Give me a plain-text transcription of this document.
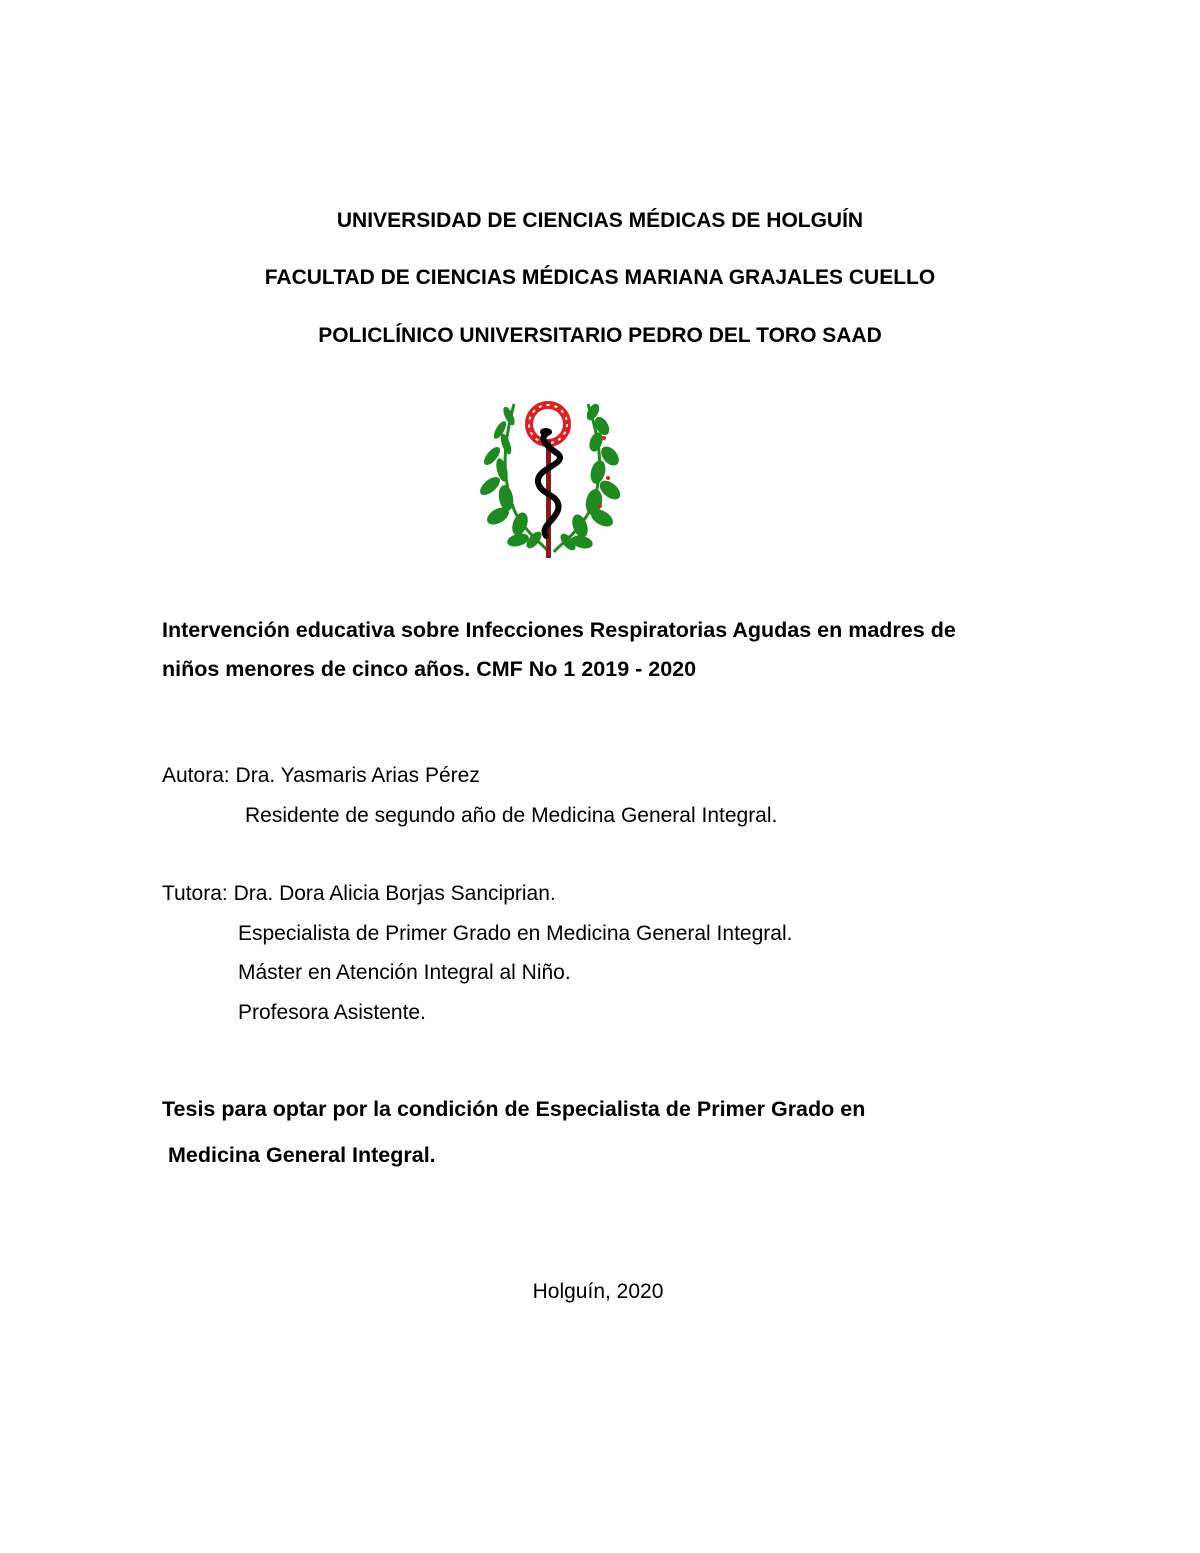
UNIVERSIDAD DE CIENCIAS MÉDICAS DE HOLGUÍN

FACULTAD DE CIENCIAS MÉDICAS MARIANA GRAJALES CUELLO

POLICLÍNICO UNIVERSITARIO PEDRO DEL TORO SAAD

Intervención educativa sobre Infecciones Respiratorias Agudas en madres de

niños menores de cinco años. CMF No 1 2019 - 2020

Autora: Dra. Yasmaris Arias Pérez

Residente de segundo año de Medicina General Integral.

Tutora: Dra. Dora Alicia Borjas Sanciprian.

Especialista de Primer Grado en Medicina General Integral.

Máster en Atención Integral al Niño.

Profesora Asistente.

Tesis para optar por la condición de Especialista de Primer Grado en

Medicina General Integral.

Holguín, 2020
